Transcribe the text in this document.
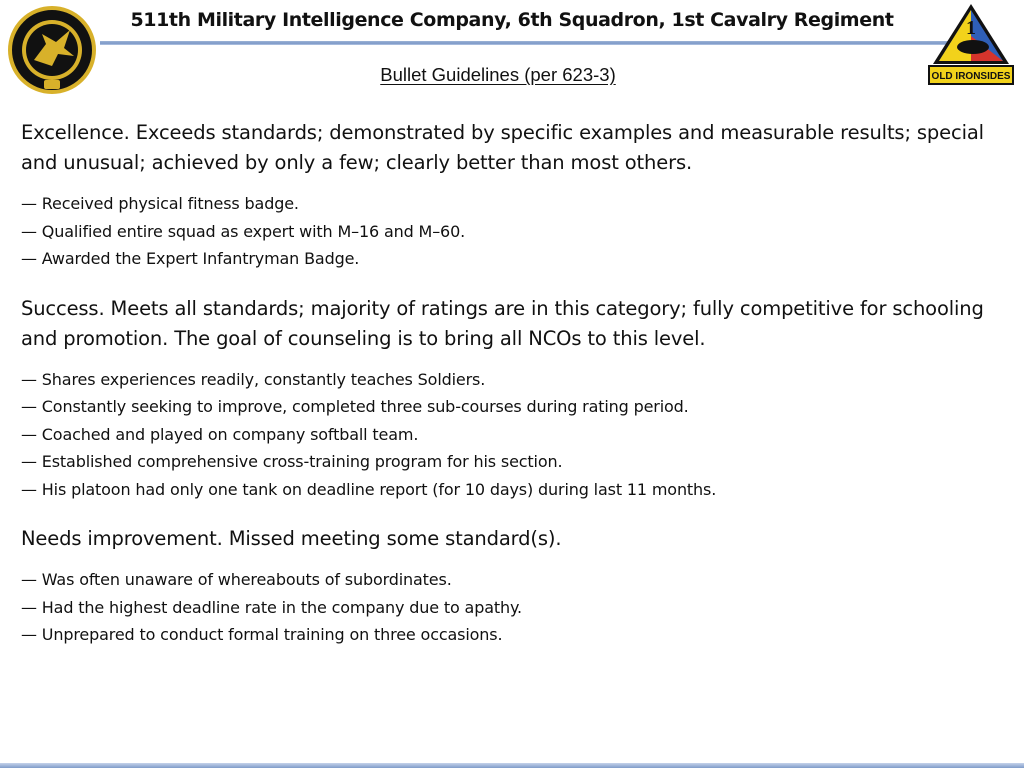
511th Military Intelligence Company, 6th Squadron, 1st Cavalry Regiment	1
OLD IRONSIDES
Bullet Guidelines (per 623-3)

Excellence. Exceeds standards; demonstrated by specific examples and measurable results; special and unusual; achieved by only a few; clearly better than most others.

— Received physical fitness badge.
— Qualified entire squad as expert with M–16 and M–60.
— Awarded the Expert Infantryman Badge.

Success. Meets all standards; majority of ratings are in this category; fully competitive for schooling and promotion. The goal of counseling is to bring all NCOs to this level.

— Shares experiences readily, constantly teaches Soldiers.
— Constantly seeking to improve, completed three sub-courses during rating period.
— Coached and played on company softball team.
— Established comprehensive cross-training program for his section.
— His platoon had only one tank on deadline report (for 10 days) during last 11 months.

Needs improvement. Missed meeting some standard(s).

— Was often unaware of whereabouts of subordinates.
— Had the highest deadline rate in the company due to apathy.
— Unprepared to conduct formal training on three occasions.
